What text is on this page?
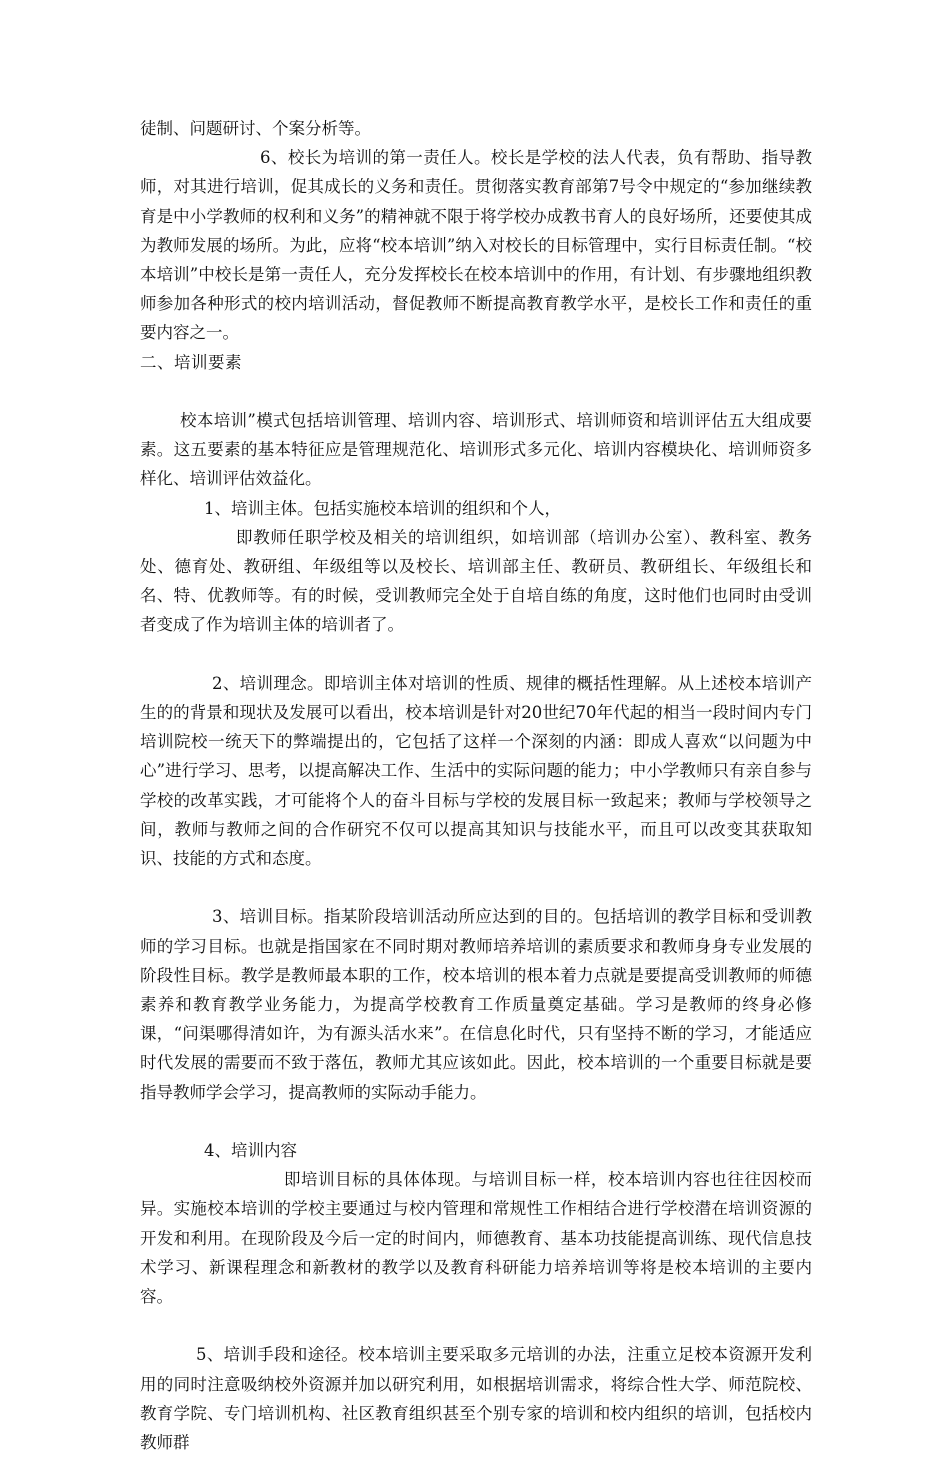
徒制、问题研讨、个案分析等。

6、校长为培训的第一责任人。校长是学校的法人代表，负有帮助、指导教师，对其进行培训，促其成长的义务和责任。贯彻落实教育部第7号令中规定的“参加继续教育是中小学教师的权利和义务”的精神就不限于将学校办成教书育人的良好场所，还要使其成为教师发展的场所。为此，应将“校本培训”纳入对校长的目标管理中，实行目标责任制。“校本培训”中校长是第一责任人，充分发挥校长在校本培训中的作用，有计划、有步骤地组织教师参加各种形式的校内培训活动，督促教师不断提高教育教学水平，是校长工作和责任的重要内容之一。

二、培训要素

校本培训”模式包括培训管理、培训内容、培训形式、培训师资和培训评估五大组成要素。这五要素的基本特征应是管理规范化、培训形式多元化、培训内容模块化、培训师资多样化、培训评估效益化。

1、培训主体。包括实施校本培训的组织和个人，

即教师任职学校及相关的培训组织，如培训部（培训办公室）、教科室、教务处、德育处、教研组、年级组等以及校长、培训部主任、教研员、教研组长、年级组长和名、特、优教师等。有的时候，受训教师完全处于自培自练的角度，这时他们也同时由受训者变成了作为培训主体的培训者了。

2、培训理念。即培训主体对培训的性质、规律的概括性理解。从上述校本培训产生的的背景和现状及发展可以看出，校本培训是针对20世纪70年代起的相当一段时间内专门培训院校一统天下的弊端提出的，它包括了这样一个深刻的内涵：即成人喜欢“以问题为中心”进行学习、思考，以提高解决工作、生活中的实际问题的能力；中小学教师只有亲自参与学校的改革实践，才可能将个人的奋斗目标与学校的发展目标一致起来；教师与学校领导之间，教师与教师之间的合作研究不仅可以提高其知识与技能水平，而且可以改变其获取知识、技能的方式和态度。

3、培训目标。指某阶段培训活动所应达到的目的。包括培训的教学目标和受训教师的学习目标。也就是指国家在不同时期对教师培养培训的素质要求和教师身身专业发展的阶段性目标。教学是教师最本职的工作，校本培训的根本着力点就是要提高受训教师的师德素养和教育教学业务能力，为提高学校教育工作质量奠定基础。学习是教师的终身必修课，“问渠哪得清如许，为有源头活水来”。在信息化时代，只有坚持不断的学习，才能适应时代发展的需要而不致于落伍，教师尤其应该如此。因此，校本培训的一个重要目标就是要指导教师学会学习，提高教师的实际动手能力。

4、培训内容

即培训目标的具体体现。与培训目标一样，校本培训内容也往往因校而异。实施校本培训的学校主要通过与校内管理和常规性工作相结合进行学校潜在培训资源的开发和利用。在现阶段及今后一定的时间内，师德教育、基本功技能提高训练、现代信息技术学习、新课程理念和新教材的教学以及教育科研能力培养培训等将是校本培训的主要内容。

5、培训手段和途径。校本培训主要采取多元培训的办法，注重立足校本资源开发利用的同时注意吸纳校外资源并加以研究利用，如根据培训需求，将综合性大学、师范院校、教育学院、专门培训机构、社区教育组织甚至个别专家的培训和校内组织的培训，包括校内教师群
